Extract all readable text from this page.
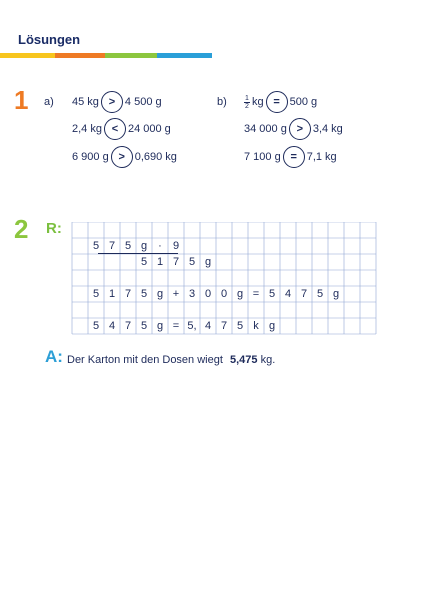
Lösungen
1 a)	b)
45 kg > 4 500 g
2,4 kg < 24 000 g
6 900 g > 0,690 kg
$\frac{1}{2}$ kg = 500 g
34 000 g > 3,4 kg
7 100 g = 7,1 kg
2 R:
5 7 5 g	·	9
5 1 7 5 g
5 1 7 5 g + 3 0 0 g = 5 4 7 5 g
5 4 7 5 g = 5, 4 7 5 k g
A: Der Karton mit den Dosen wiegt 5,475 kg.
